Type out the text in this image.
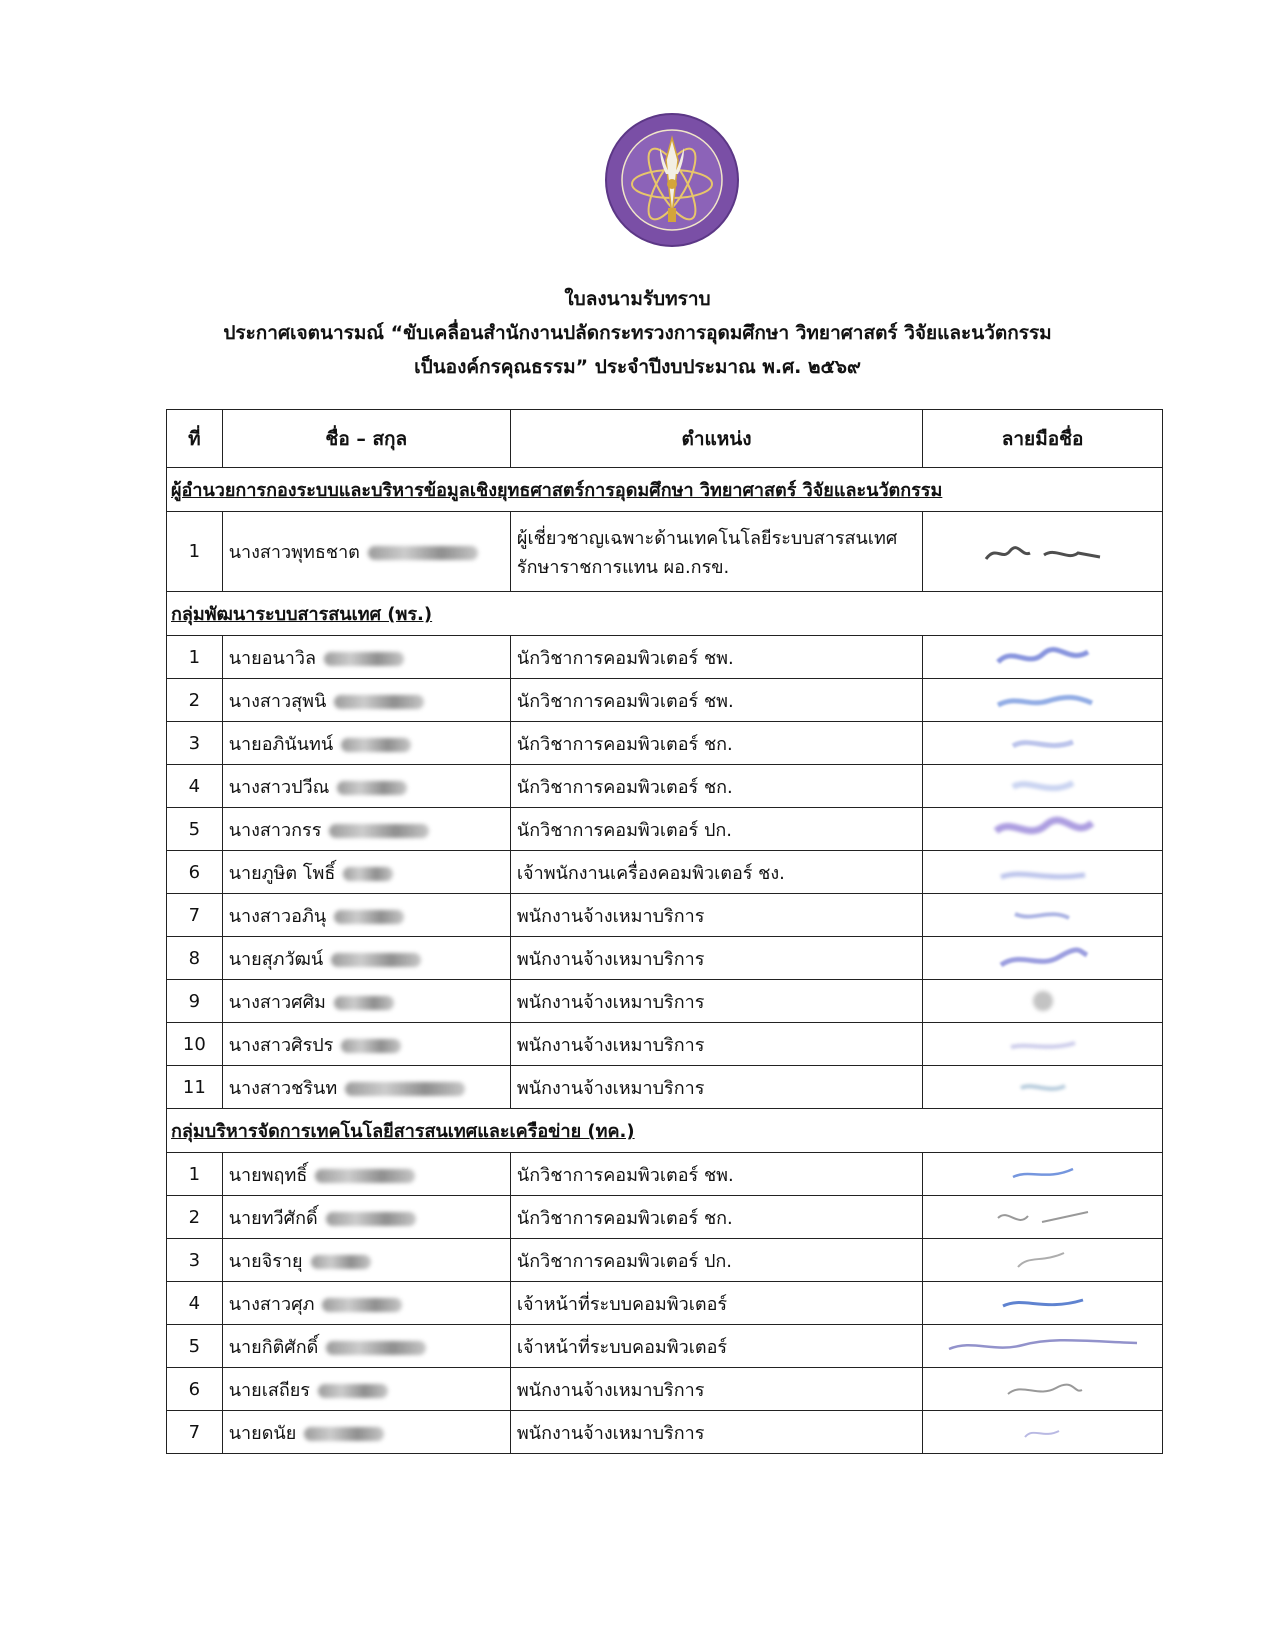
ใบลงนามรับทราบ
ประกาศเจตนารมณ์ “ขับเคลื่อนสำนักงานปลัดกระทรวงการอุดมศึกษา วิทยาศาสตร์ วิจัยและนวัตกรรม
เป็นองค์กรคุณธรรม” ประจำปีงบประมาณ พ.ศ. ๒๕๖๙
ที่	ชื่อ – สกุล	ตำแหน่ง	ลายมือชื่อ
ผู้อำนวยการกองระบบและบริหารข้อมูลเชิงยุทธศาสตร์การอุดมศึกษา วิทยาศาสตร์ วิจัยและนวัตกรรม			
1	นางสาวพุทธชาต	ผู้เชี่ยวชาญเฉพาะด้านเทคโนโลยีระบบสารสนเทศ
รักษาราชการแทน ผอ.กรข.

กลุ่มพัฒนาระบบสารสนเทศ (พร.)			
1	นายอนาวิล	นักวิชาการคอมพิวเตอร์ ชพ.	

2	นางสาวสุพนิ	นักวิชาการคอมพิวเตอร์ ชพ.	

3	นายอภินันทน์	นักวิชาการคอมพิวเตอร์ ชก.	

4	นางสาวปวีณ	นักวิชาการคอมพิวเตอร์ ชก.	

5	นางสาวกรร	นักวิชาการคอมพิวเตอร์ ปก.	

6	นายภูษิต โพธิ์	เจ้าพนักงานเครื่องคอมพิวเตอร์ ชง.	

7	นางสาวอภินุ	พนักงานจ้างเหมาบริการ	

8	นายสุภวัฒน์	พนักงานจ้างเหมาบริการ	

9	นางสาวศศิม	พนักงานจ้างเหมาบริการ	

10	นางสาวศิรปร	พนักงานจ้างเหมาบริการ	

11	นางสาวชรินท	พนักงานจ้างเหมาบริการ	

กลุ่มบริหารจัดการเทคโนโลยีสารสนเทศและเครือข่าย (ทค.)			
1	นายพฤทธิ์	นักวิชาการคอมพิวเตอร์ ชพ.	

2	นายทวีศักดิ์	นักวิชาการคอมพิวเตอร์ ชก.	

3	นายจิรายุ	นักวิชาการคอมพิวเตอร์ ปก.	

4	นางสาวศุภ	เจ้าหน้าที่ระบบคอมพิวเตอร์	

5	นายกิติศักดิ์	เจ้าหน้าที่ระบบคอมพิวเตอร์	

6	นายเสถียร	พนักงานจ้างเหมาบริการ	

7	นายดนัย	พนักงานจ้างเหมาบริการ	
